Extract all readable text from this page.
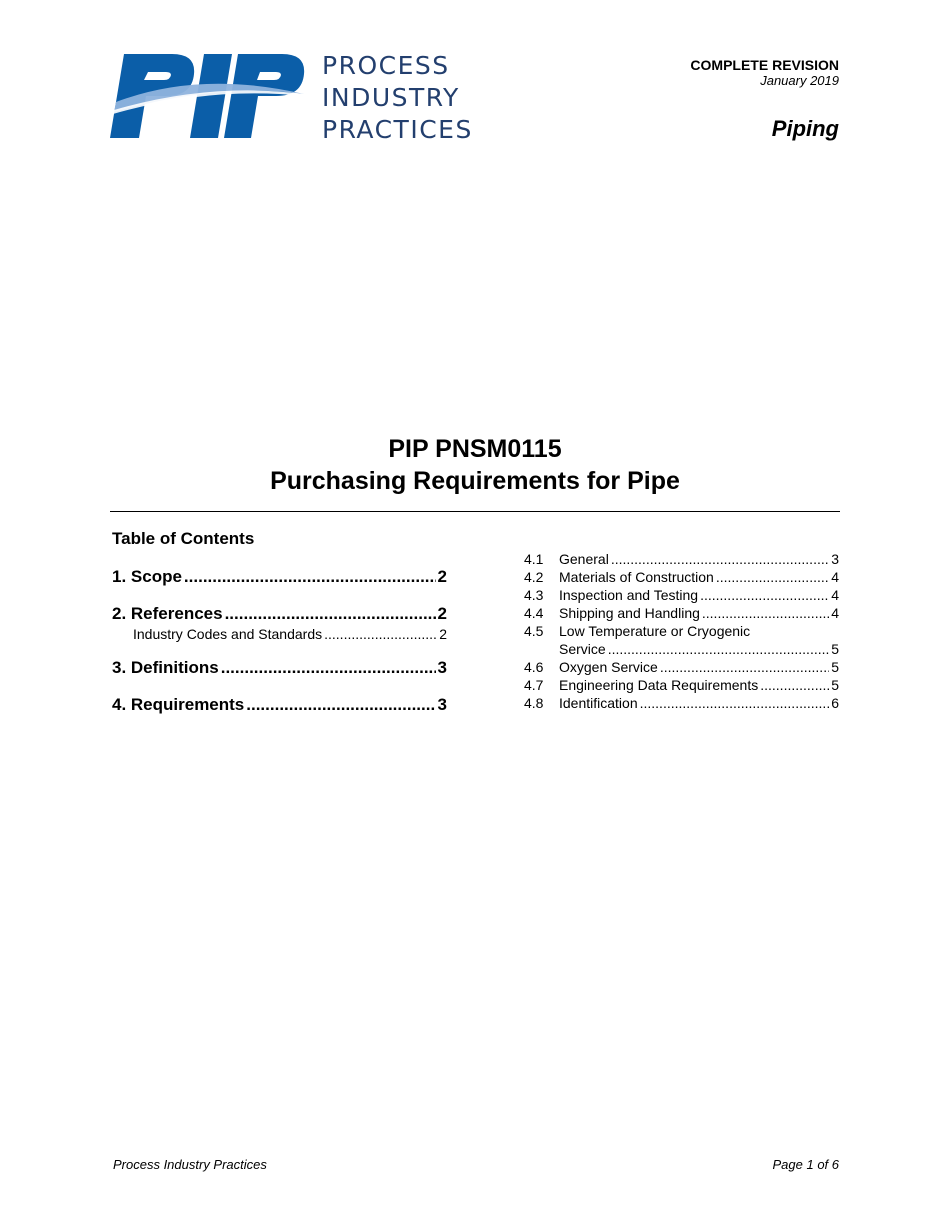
PROCESS
INDUSTRY
PRACTICES
COMPLETE REVISION
January 2019
Piping
PIP PNSM0115
Purchasing Requirements for Pipe
Table of Contents
1. Scope .....	2
2. References .....	2
Industry Codes and Standards .....	2
3. Definitions .....	3
4. Requirements .....	3
4.1	General .....	3
4.2	Materials of Construction .....	4
4.3	Inspection and Testing .....	4
4.4	Shipping and Handling .....	4
4.5	Low Temperature or Cryogenic
Service .....	5
4.6	Oxygen Service .....	5
4.7	Engineering Data Requirements .....	5
4.8	Identification .....	6
Process Industry Practices	Page 1 of 6
